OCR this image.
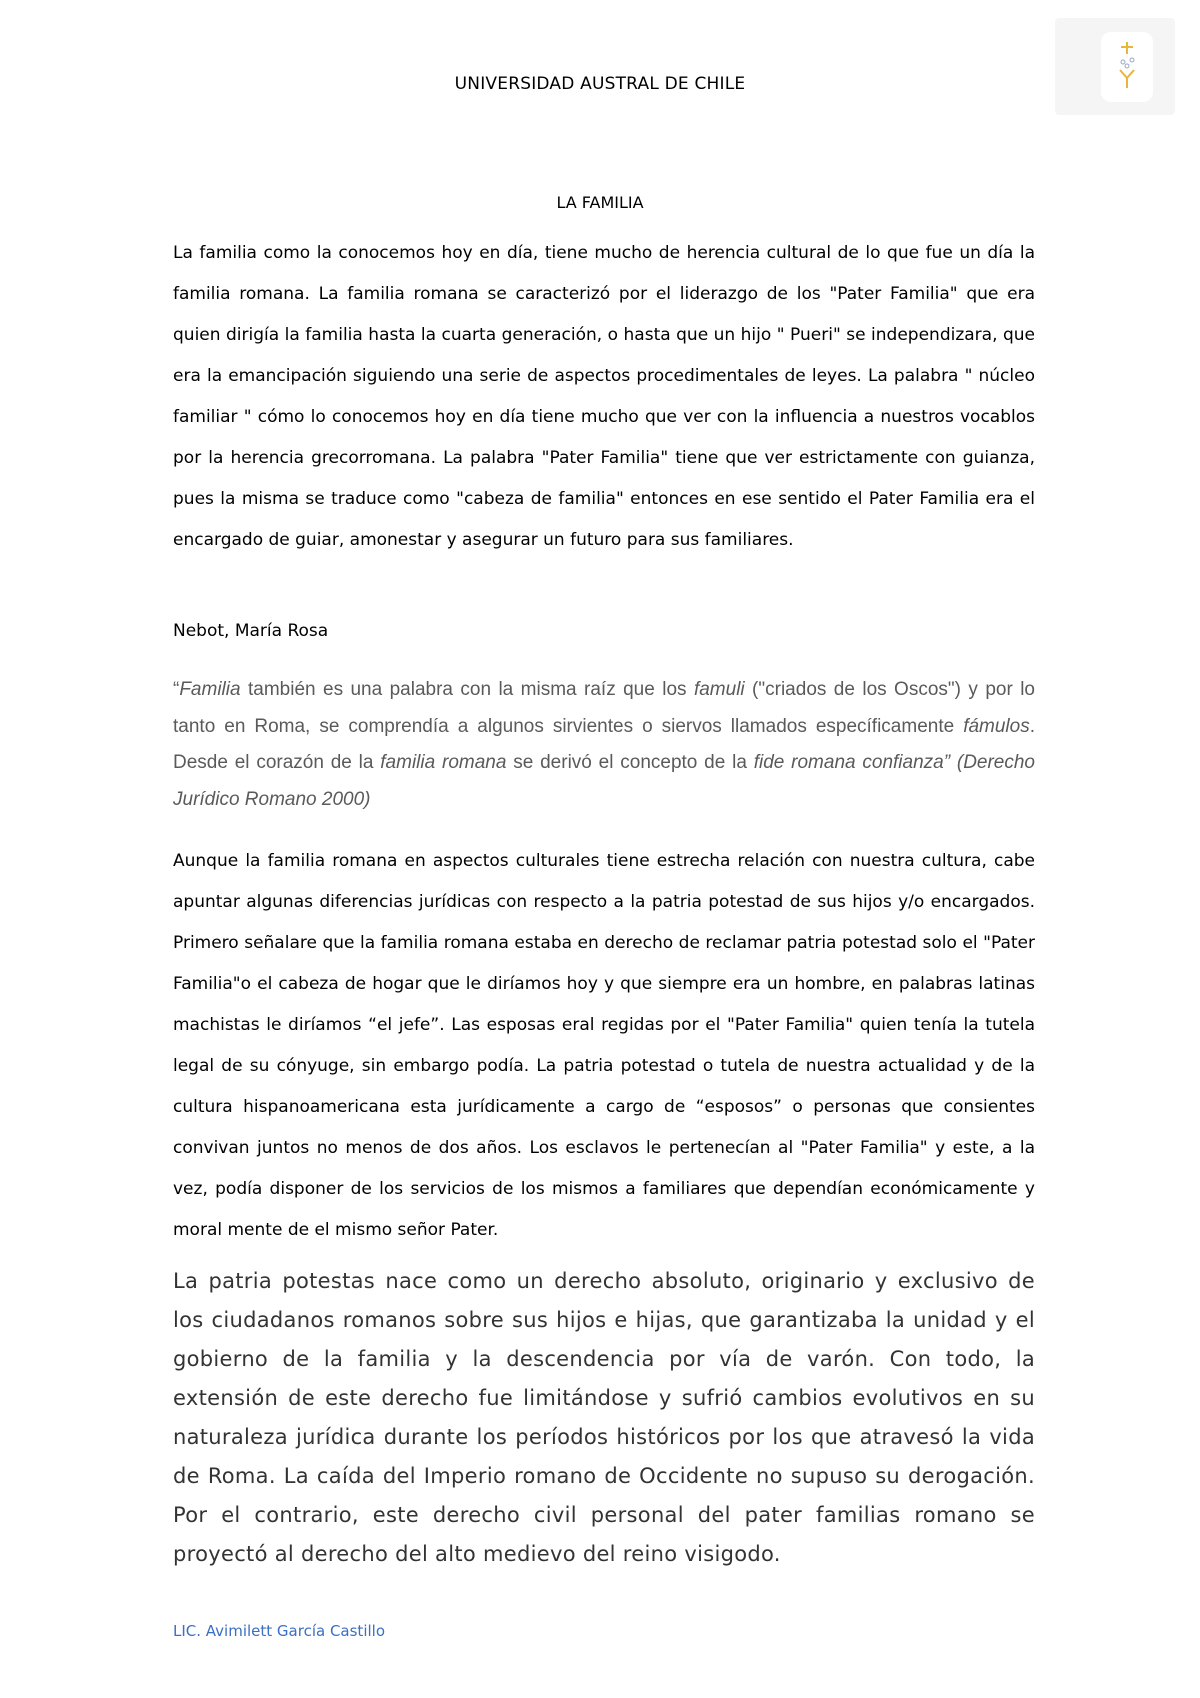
UNIVERSIDAD AUSTRAL DE CHILE
LA FAMILIA

La familia como la conocemos hoy en día, tiene mucho de herencia cultural de lo que fue un día la familia romana. La familia romana se caracterizó por el liderazgo de los "Pater Familia" que era quien dirigía la familia hasta la cuarta generación, o hasta que un hijo " Pueri" se independizara, que era la emancipación siguiendo una serie de aspectos procedimentales de leyes. La palabra " núcleo familiar " cómo lo conocemos hoy en día tiene mucho que ver con la influencia a nuestros vocablos por la herencia grecorromana. La palabra "Pater Familia" tiene que ver estrictamente con guianza, pues la misma se traduce como "cabeza de familia" entonces en ese sentido el Pater Familia era el encargado de guiar, amonestar y asegurar un futuro para sus familiares.

Nebot, María Rosa

“Familia también es una palabra con la misma raíz que los famuli ("criados de los Oscos") y por lo tanto en Roma, se comprendía a algunos sirvientes o siervos llamados específicamente fámulos. Desde el corazón de la familia romana se derivó el concepto de la fide romana confianza” (Derecho Jurídico Romano 2000)

Aunque la familia romana en aspectos culturales tiene estrecha relación con nuestra cultura, cabe apuntar algunas diferencias jurídicas con respecto a la patria potestad de sus hijos y/o encargados. Primero señalare que la familia romana estaba en derecho de reclamar patria potestad solo el "Pater Familia"o el cabeza de hogar que le diríamos hoy y que siempre era un hombre, en palabras latinas machistas le diríamos “el jefe”. Las esposas eral regidas por el "Pater Familia" quien tenía la tutela legal de su cónyuge, sin embargo podía. La patria potestad o tutela de nuestra actualidad y de la cultura hispanoamericana esta jurídicamente a cargo de “esposos” o personas que consientes convivan juntos no menos de dos años. Los esclavos le pertenecían al "Pater Familia" y este, a la vez, podía disponer de los servicios de los mismos a familiares que dependían económicamente y moral mente de el mismo señor Pater.

La patria potestas nace como un derecho absoluto, originario y exclusivo de los ciudadanos romanos sobre sus hijos e hijas, que garantizaba la unidad y el gobierno de la familia y la descendencia por vía de varón. Con todo, la extensión de este derecho fue limitándose y sufrió cambios evolutivos en su naturaleza jurídica durante los períodos históricos por los que atravesó la vida de Roma. La caída del Imperio romano de Occidente no supuso su derogación. Por el contrario, este derecho civil personal del pater familias romano se proyectó al derecho del alto medievo del reino visigodo.

LIC. Avimilett García Castillo
